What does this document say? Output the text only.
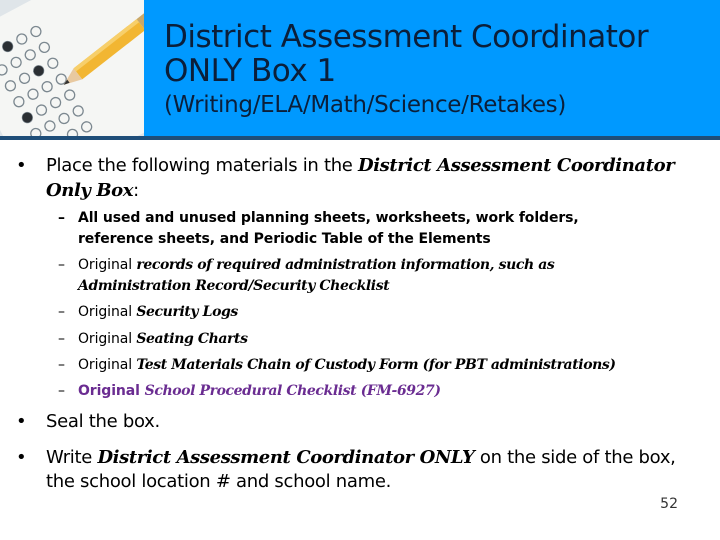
District Assessment Coordinator
ONLY Box 1
(Writing/ELA/Math/Science/Retakes)
• Place the following materials in the District Assessment Coordinator
Only Box:
– All used and unused planning sheets, worksheets, work folders,
reference sheets, and Periodic Table of the Elements
– Original records of required administration information, such as
Administration Record/Security Checklist
– Original Security Logs
– Original Seating Charts
– Original Test Materials Chain of Custody Form (for PBT administrations)
– Original School Procedural Checklist (FM-6927)
• Seal the box.
• Write District Assessment Coordinator ONLY on the side of the box,
the school location # and school name.
52
